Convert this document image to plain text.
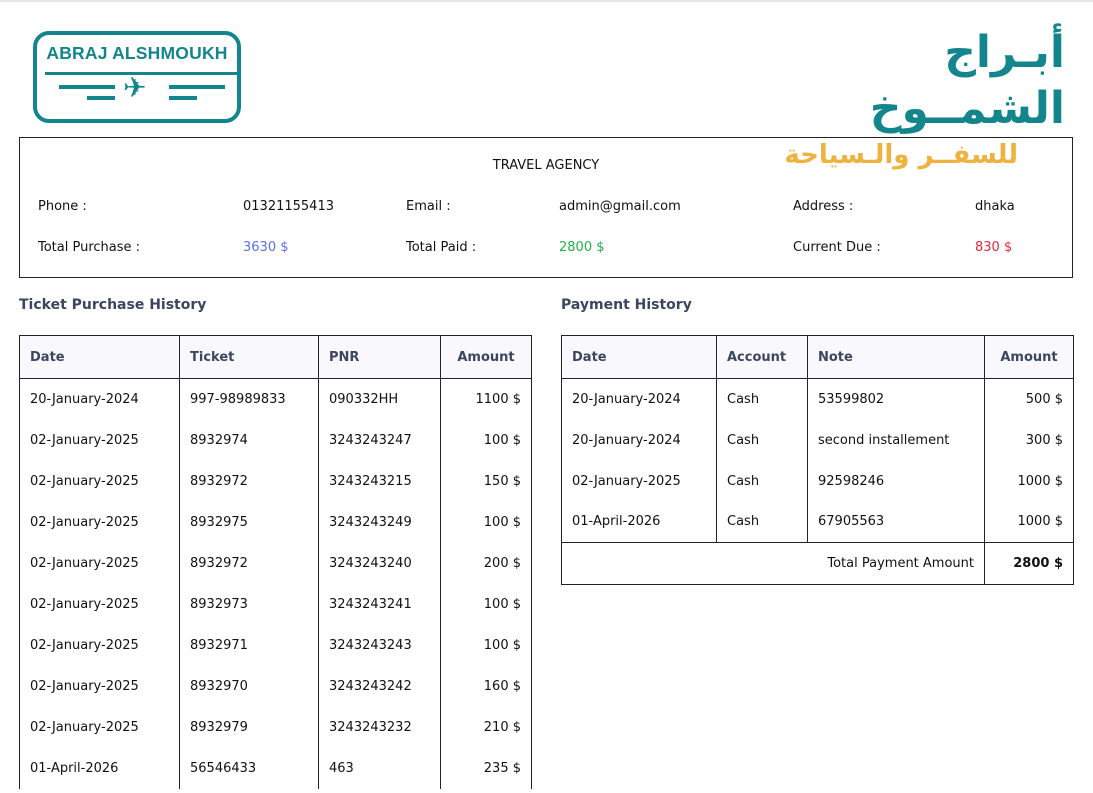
ABRAJ ALSHMOUKH
✈
أبـراج الشمــوخ
للسفــر والـسياحة
TRAVEL AGENCY
Phone :	01321155413	Email :	admin@gmail.com	Address :	dhaka
Total Purchase :	3630 $	Total Paid :	2800 $	Current Due :	830 $
Ticket Purchase History	Payment History
Date	Ticket	PNR	Amount
20-January-2024	997-98989833	090332HH	1100 $
02-January-2025	8932974	3243243247	100 $
02-January-2025	8932972	3243243215	150 $
02-January-2025	8932975	3243243249	100 $
02-January-2025	8932972	3243243240	200 $
02-January-2025	8932973	3243243241	100 $
02-January-2025	8932971	3243243243	100 $
02-January-2025	8932970	3243243242	160 $
02-January-2025	8932979	3243243232	210 $
01-April-2026	56546433	463	235 $
Date	Account	Note	Amount
20-January-2024	Cash	53599802	500 $
20-January-2024	Cash	second installement	300 $
02-January-2025	Cash	92598246	1000 $
01-April-2026	Cash	67905563	1000 $
Total Payment Amount			2800 $
